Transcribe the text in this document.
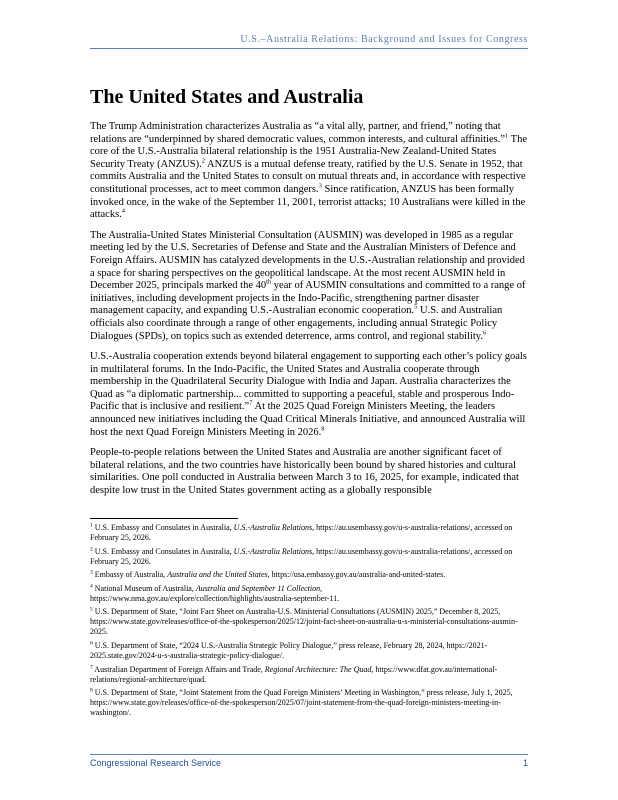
U.S.–Australia Relations: Background and Issues for Congress
The United States and Australia

The Trump Administration characterizes Australia as “a vital ally, partner, and friend,” noting that relations are “underpinned by shared democratic values, common interests, and cultural affinities.”$^1$ The core of the U.S.-Australia bilateral relationship is the 1951 Australia-New Zealand-United States Security Treaty (ANZUS).$^2$ ANZUS is a mutual defense treaty, ratified by the U.S. Senate in 1952, that commits Australia and the United States to consult on mutual threats and, in accordance with respective constitutional processes, act to meet common dangers.$^3$ Since ratification, ANZUS has been formally invoked once, in the wake of the September 11, 2001, terrorist attacks; 10 Australians were killed in the attacks.$^4$

The Australia-United States Ministerial Consultation (AUSMIN) was developed in 1985 as a regular meeting led by the U.S. Secretaries of Defense and State and the Australian Ministers of Defence and Foreign Affairs. AUSMIN has catalyzed developments in the U.S.-Australian relationship and provided a space for sharing perspectives on the geopolitical landscape. At the most recent AUSMIN held in December 2025, principals marked the 40th year of AUSMIN consultations and committed to a range of initiatives, including development projects in the Indo-Pacific, strengthening partner disaster management capacity, and expanding U.S.-Australian economic cooperation.$^5$ U.S. and Australian officials also coordinate through a range of other engagements, including annual Strategic Policy Dialogues (SPDs), on topics such as extended deterrence, arms control, and regional stability.$^6$

U.S.-Australia cooperation extends beyond bilateral engagement to supporting each other’s policy goals in multilateral forums. In the Indo-Pacific, the United States and Australia cooperate through membership in the Quadrilateral Security Dialogue with India and Japan. Australia characterizes the Quad as “a diplomatic partnership... committed to supporting a peaceful, stable and prosperous Indo-Pacific that is inclusive and resilient.”$^7$ At the 2025 Quad Foreign Ministers Meeting, the leaders announced new initiatives including the Quad Critical Minerals Initiative, and announced Australia will host the next Quad Foreign Ministers Meeting in 2026.$^8$

People-to-people relations between the United States and Australia are another significant facet of bilateral relations, and the two countries have historically been bound by shared histories and cultural similarities. One poll conducted in Australia between March 3 to 16, 2025, for example, indicated that despite low trust in the United States government acting as a globally responsible

$^1$ U.S. Embassy and Consulates in Australia, U.S.-Australia Relations, https://au.usembassy.gov/u-s-australia-relations/, accessed on February 25, 2026.

$^2$ U.S. Embassy and Consulates in Australia, U.S.-Australia Relations, https://au.usembassy.gov/u-s-australia-relations/, accessed on February 25, 2026.

$^3$ Embassy of Australia, Australia and the United States, https://usa.embassy.gov.au/australia-and-united-states.

$^4$ National Museum of Australia, Australia and September 11 Collection, https://www.nma.gov.au/explore/collection/highlights/australia-september-11.

$^5$ U.S. Department of State, “Joint Fact Sheet on Australia-U.S. Ministerial Consultations (AUSMIN) 2025,” December 8, 2025, https://www.state.gov/releases/office-of-the-spokesperson/2025/12/joint-fact-sheet-on-australia-u-s-ministerial-consultations-ausmin-2025.

$^6$ U.S. Department of State, “2024 U.S.-Australia Strategic Policy Dialogue,” press release, February 28, 2024, https://2021-2025.state.gov/2024-u-s-australia-strategic-policy-dialogue/.

$^7$ Australian Department of Foreign Affairs and Trade, Regional Architecture: The Quad, https://www.dfat.gov.au/international-relations/regional-architecture/quad.

$^8$ U.S. Department of State, “Joint Statement from the Quad Foreign Ministers’ Meeting in Washington,” press release, July 1, 2025, https://www.state.gov/releases/office-of-the-spokesperson/2025/07/joint-statement-from-the-quad-foreign-ministers-meeting-in-washington/.

Congressional Research Service	1
